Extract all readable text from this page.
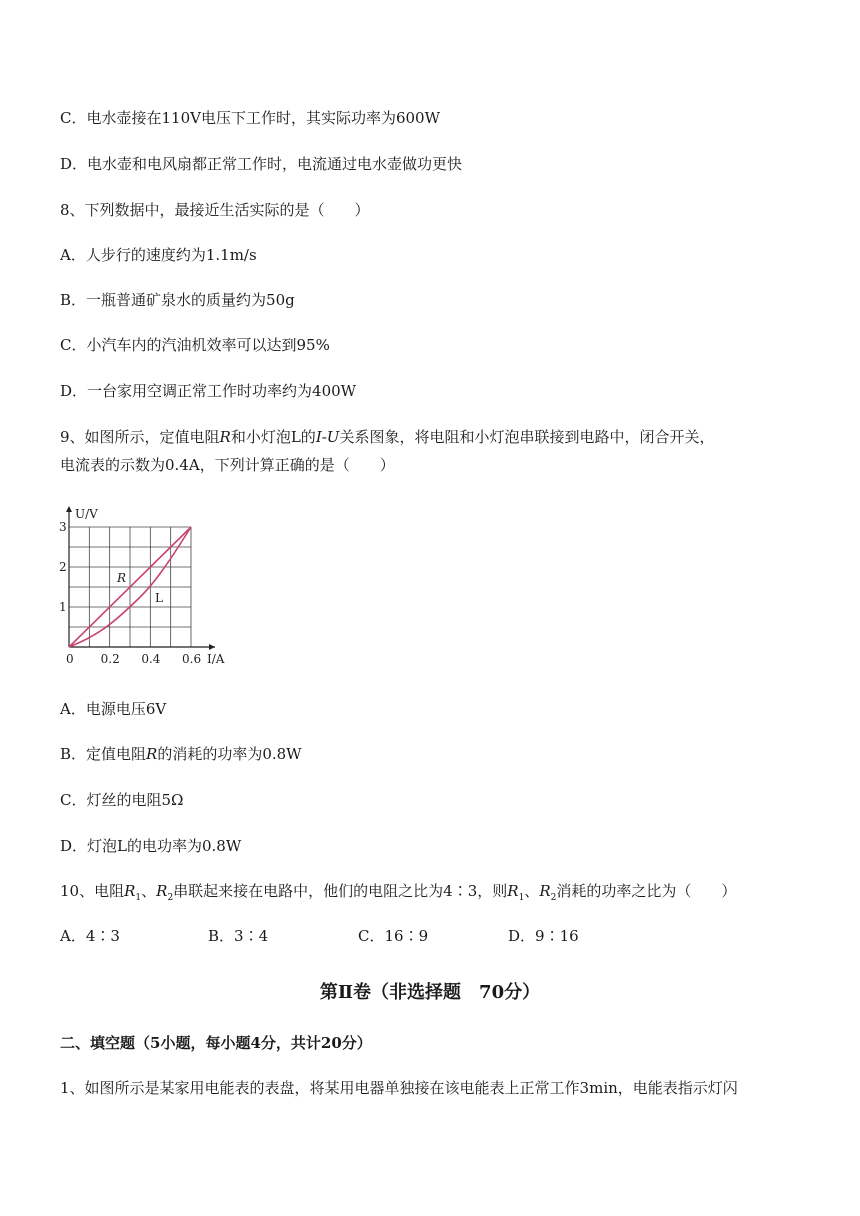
C．电水壶接在110V电压下工作时，其实际功率为600W
D．电水壶和电风扇都正常工作时，电流通过电水壶做功更快
8、下列数据中，最接近生活实际的是（　　）
A．人步行的速度约为1.1m/s
B．一瓶普通矿泉水的质量约为50g
C．小汽车内的汽油机效率可以达到95%
D．一台家用空调正常工作时功率约为400W
9、如图所示，定值电阻R和小灯泡L的I-U关系图象，将电阻和小灯泡串联接到电路中，闭合开关，
电流表的示数为0.4A，下列计算正确的是（　　）
U/V
I/A
R
L
0 0.2 0.4 0.6
1
2
3
A．电源电压6V
B．定值电阻R的消耗的功率为0.8W
C．灯丝的电阻5Ω
D．灯泡L的电功率为0.8W
10、电阻$R_1$、$R_2$串联起来接在电路中，他们的电阻之比为4∶3，则$R_1$、$R_2$消耗的功率之比为（　　）
A．4∶3	B．3∶4	C．16∶9	D．9∶16
第Ⅱ卷（非选择题　70分）
二、填空题（5小题，每小题4分，共计20分）
1、如图所示是某家用电能表的表盘，将某用电器单独接在该电能表上正常工作3min，电能表指示灯闪
